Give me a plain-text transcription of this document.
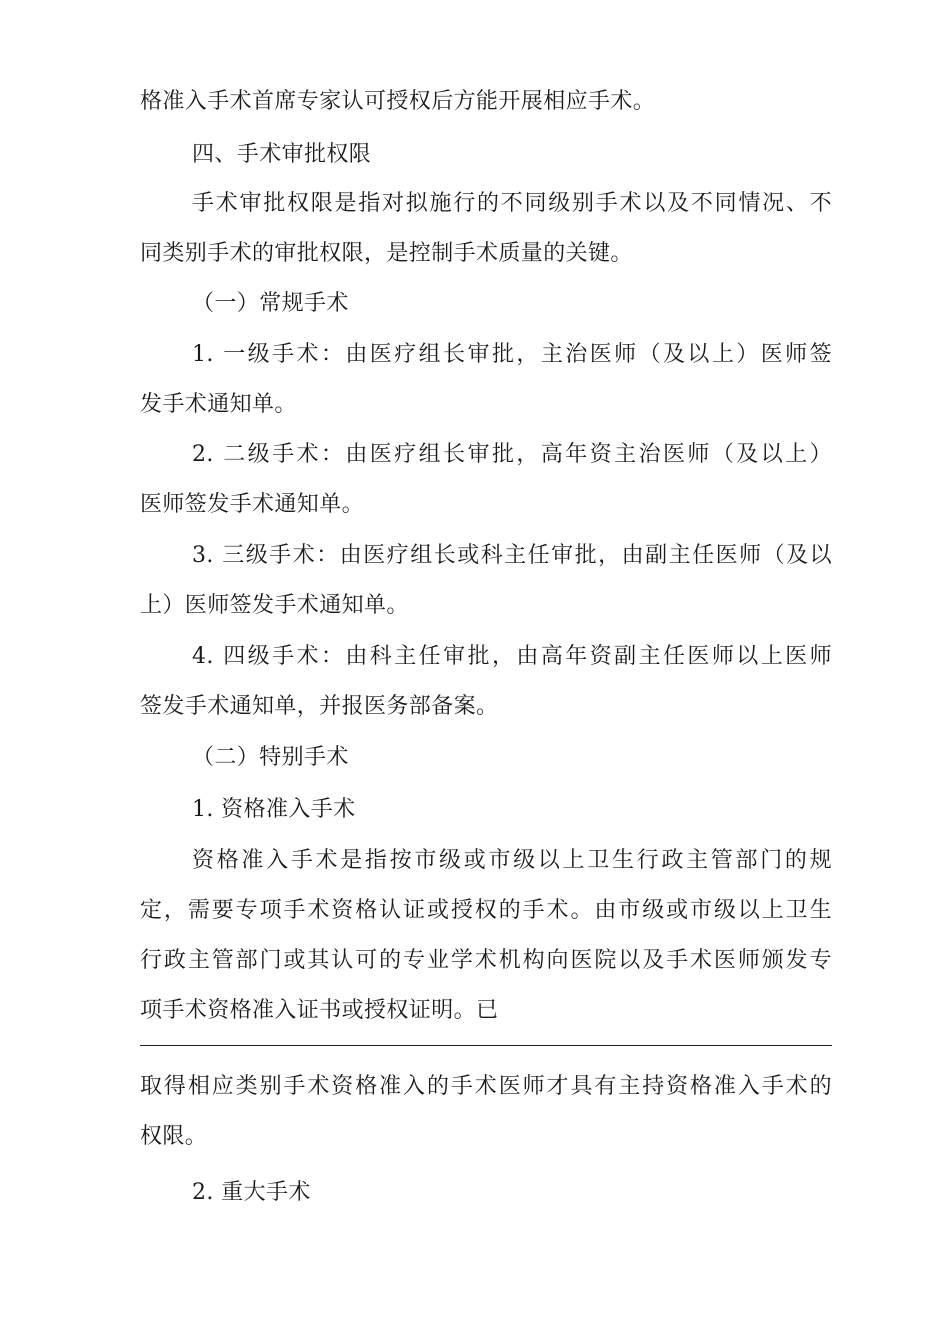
格准入手术首席专家认可授权后方能开展相应手术。
四、手术审批权限
手术审批权限是指对拟施行的不同级别手术以及不同情况、不
同类别手术的审批权限，是控制手术质量的关键。
（一）常规手术
1. 一级手术：由医疗组长审批，主治医师（及以上）医师签
发手术通知单。
2. 二级手术：由医疗组长审批，高年资主治医师（及以上）
医师签发手术通知单。
3. 三级手术：由医疗组长或科主任审批，由副主任医师（及以
上）医师签发手术通知单。
4. 四级手术：由科主任审批，由高年资副主任医师以上医师
签发手术通知单，并报医务部备案。
（二）特别手术
1. 资格准入手术
资格准入手术是指按市级或市级以上卫生行政主管部门的规
定，需要专项手术资格认证或授权的手术。由市级或市级以上卫生
行政主管部门或其认可的专业学术机构向医院以及手术医师颁发专
项手术资格准入证书或授权证明。已
取得相应类别手术资格准入的手术医师才具有主持资格准入手术的
权限。
2. 重大手术
